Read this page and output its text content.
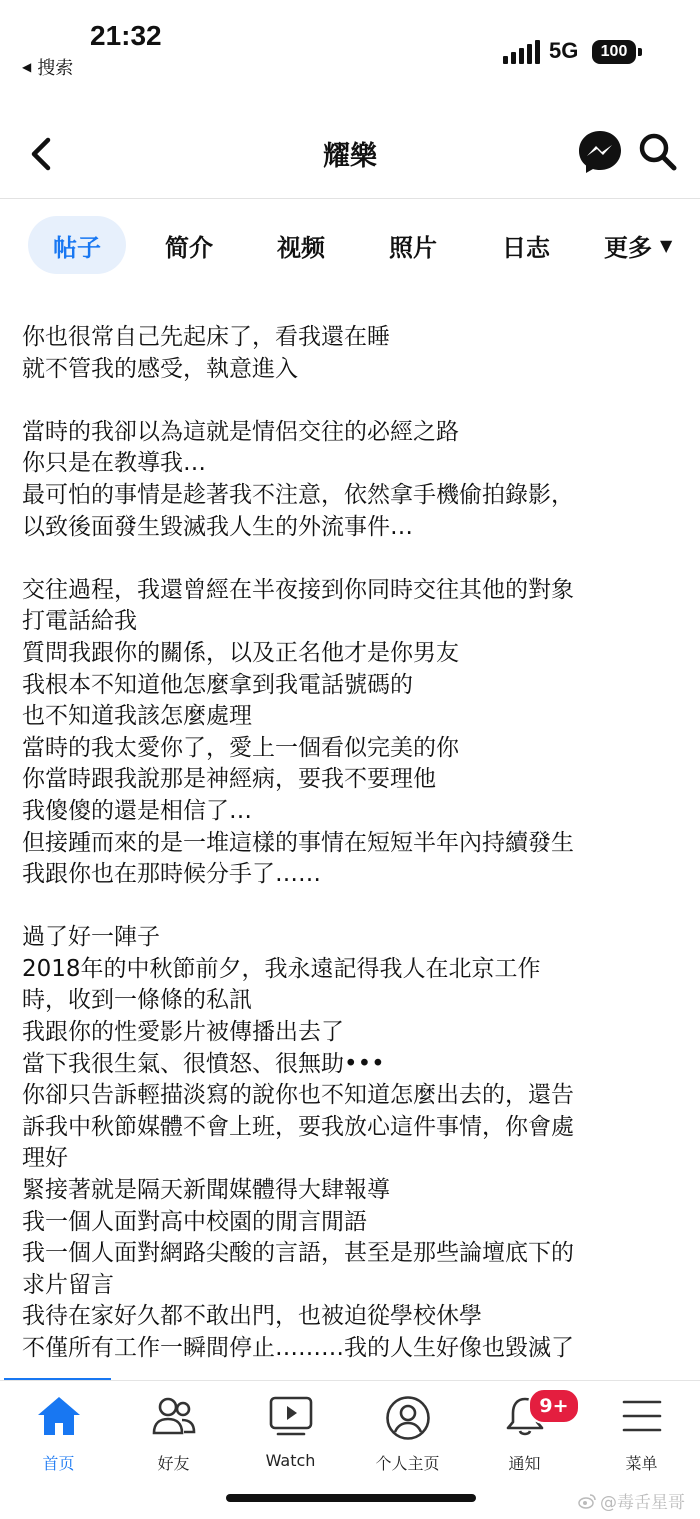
21:32
◀ 搜索
5G	100
耀樂
帖子	简介	视频	照片	日志 更多 ▼
你也很常自己先起床了，看我還在睡
就不管我的感受，執意進入
當時的我卻以為這就是情侶交往的必經之路
你只是在教導我…
最可怕的事情是趁著我不注意，依然拿手機偷拍錄影，
以致後面發生毀滅我人生的外流事件…
交往過程，我還曾經在半夜接到你同時交往其他的對象
打電話給我
質問我跟你的關係，以及正名他才是你男友
我根本不知道他怎麼拿到我電話號碼的
也不知道我該怎麼處理
當時的我太愛你了，愛上一個看似完美的你
你當時跟我說那是神經病，要我不要理他
我傻傻的還是相信了…
但接踵而來的是一堆這樣的事情在短短半年內持續發生
我跟你也在那時候分手了……
過了好一陣子
2018年的中秋節前夕，我永遠記得我人在北京工作
時，收到一條條的私訊
我跟你的性愛影片被傳播出去了
當下我很生氣、很憤怒、很無助•••
你卻只告訴輕描淡寫的說你也不知道怎麼出去的，還告
訴我中秋節媒體不會上班，要我放心這件事情，你會處
理好
緊接著就是隔天新聞媒體得大肆報導
我一個人面對高中校園的閒言閒語
我一個人面對網路尖酸的言語，甚至是那些論壇底下的
求片留言
我待在家好久都不敢出門，也被迫從學校休學
不僅所有工作一瞬間停止………我的人生好像也毀滅了
首页	好友	Watch	个人主页	通知	菜单
9+
@毒舌星哥
